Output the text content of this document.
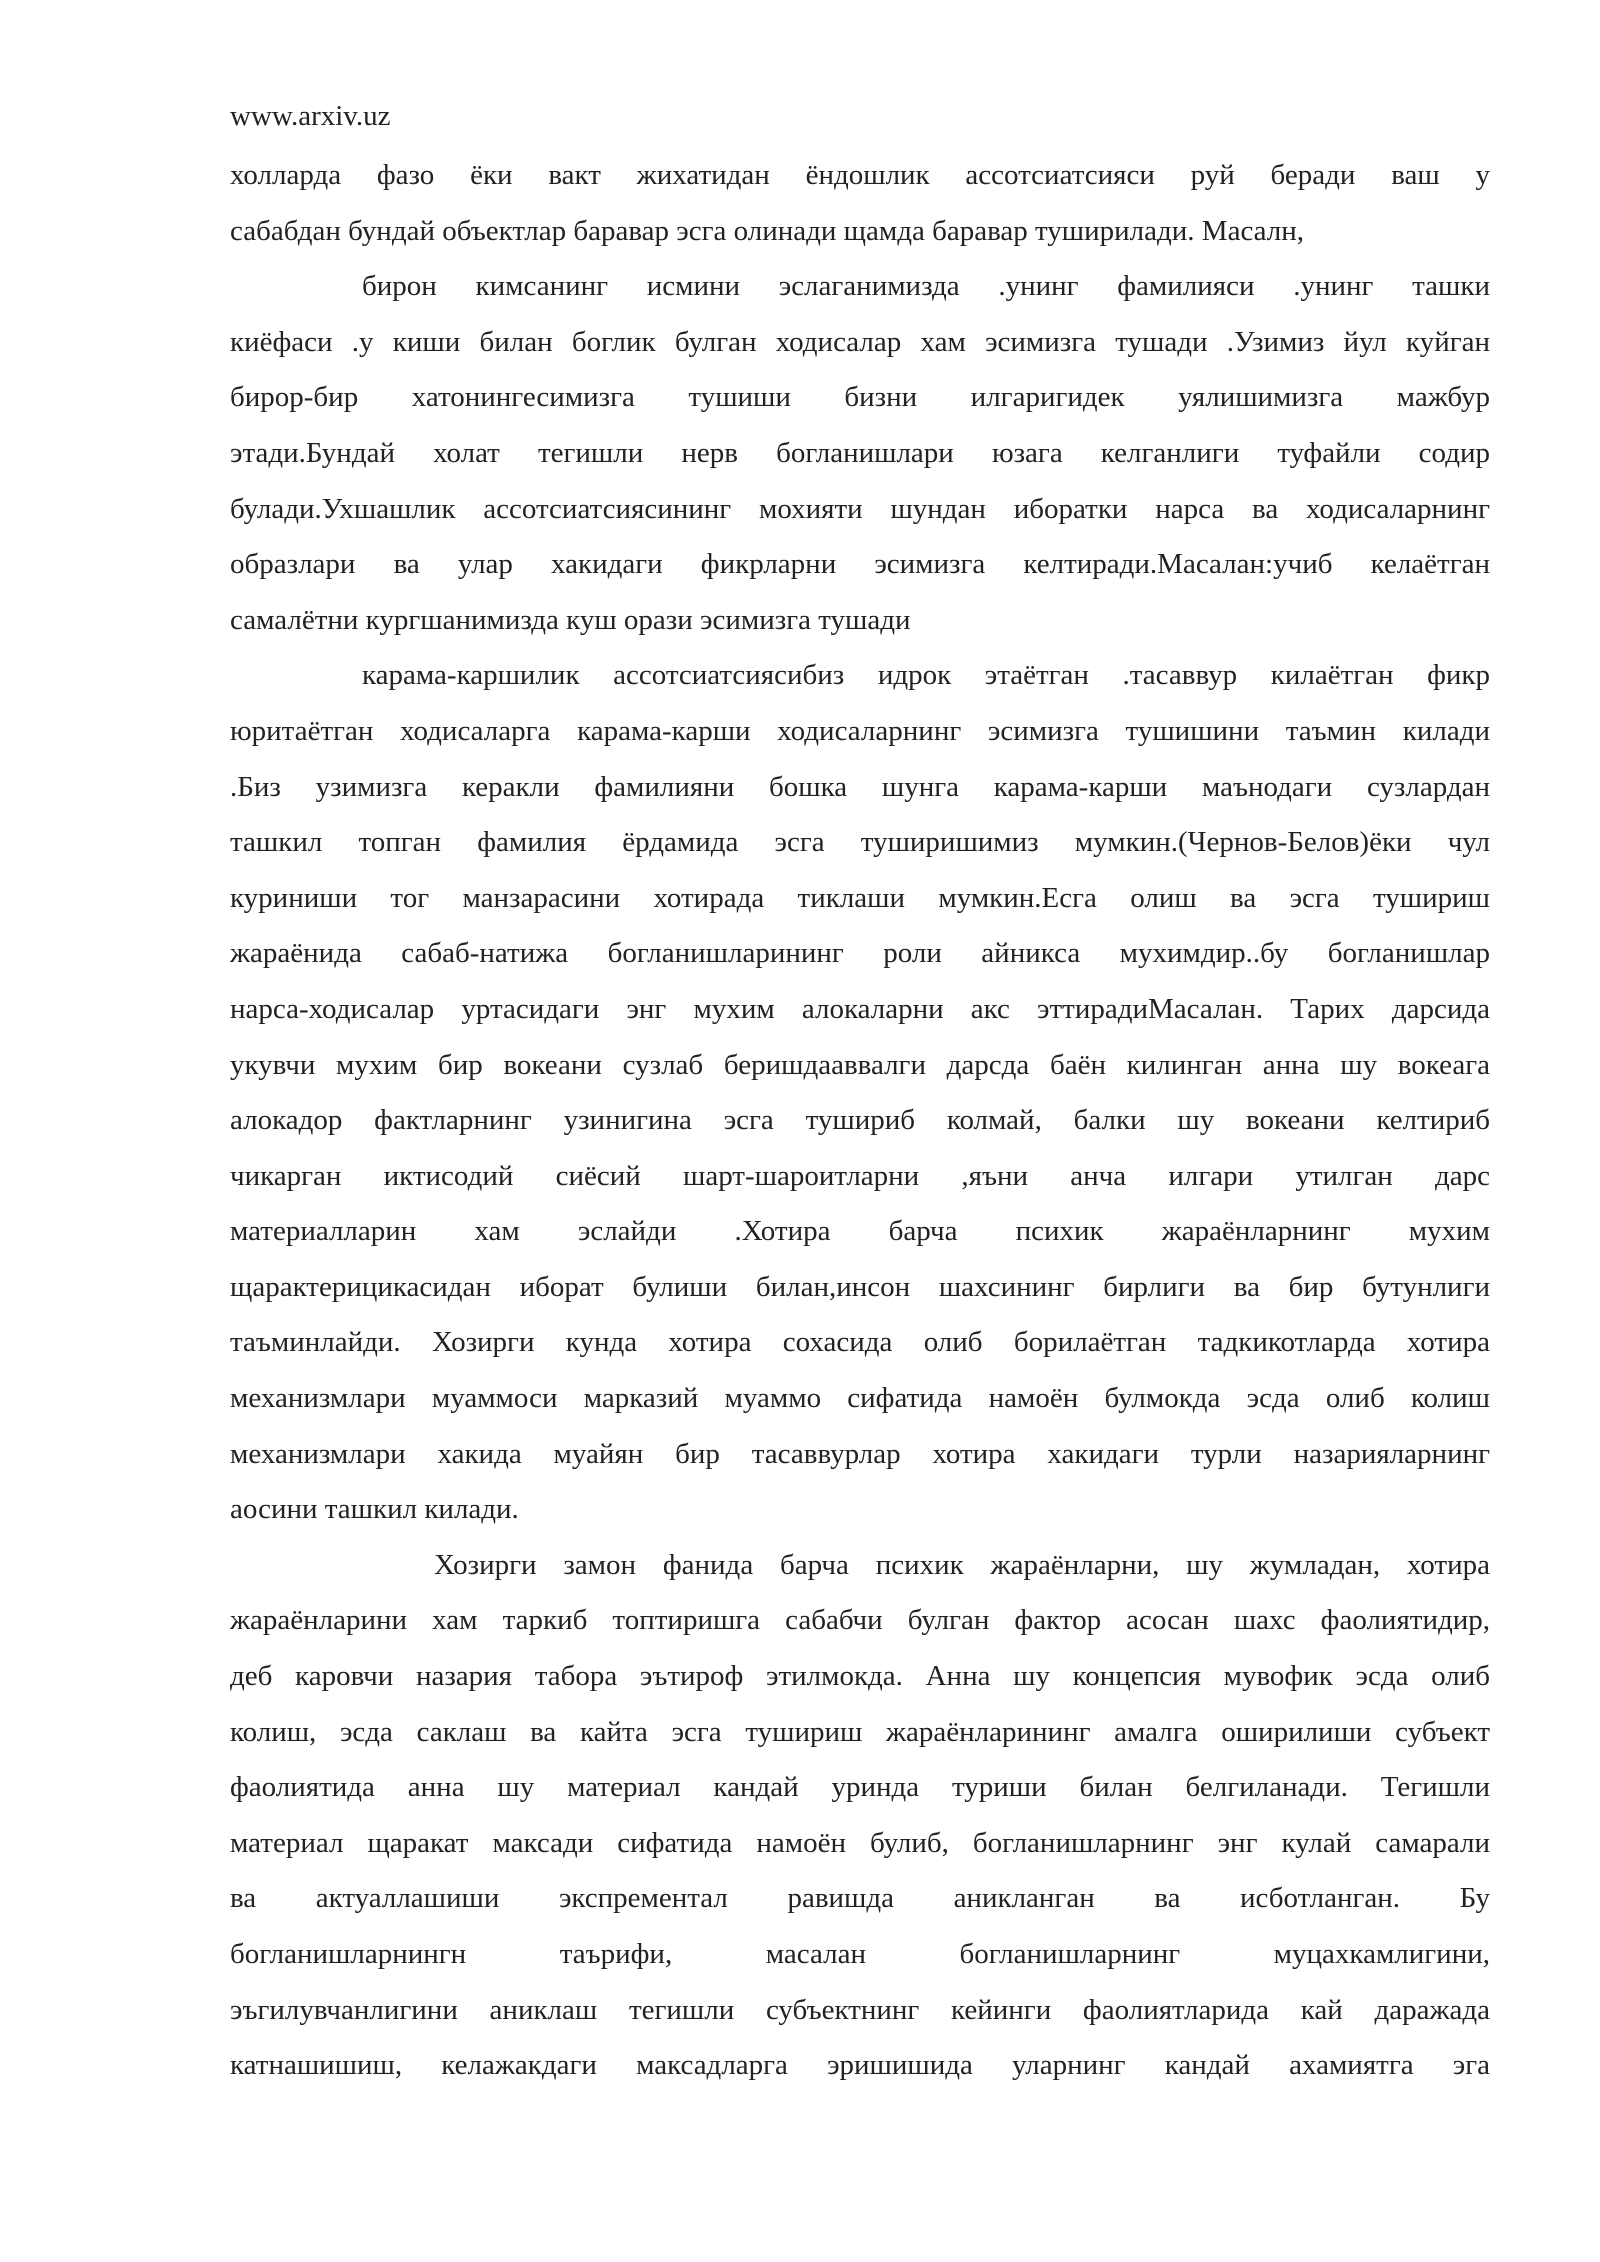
www.arxiv.uz
холларда фазо ёки вакт жихатидан ёндошлик ассотсиатсияси руй беради ваш у
сабабдан бундай объектлар баравар эсга олинади щамда баравар туширилади. Масалн,
бирон кимсанинг исмини эслаганимизда .унинг фамилияси .унинг ташки
киёфаси .у киши билан боглик булган ходисалар хам эсимизга тушади .Узимиз йул куйган
бирор-бир хатонингесимизга тушиши бизни илгаригидек уялишимизга мажбур
этади.Бундай холат тегишли нерв богланишлари юзага келганлиги туфайли содир
булади.Ухшашлик ассотсиатсиясининг мохияти шундан иборатки нарса ва ходисаларнинг
образлари ва улар хакидаги фикрларни эсимизга келтиради.Масалан:учиб келаётган
самалётни кургшанимизда куш орази эсимизга тушади
карама-каршилик ассотсиатсиясибиз идрок этаётган .тасаввур килаётган фикр
юритаётган ходисаларга карама-карши ходисаларнинг эсимизга тушишини таъмин килади
.Биз узимизга керакли фамилияни бошка шунга карама-карши маънодаги сузлардан
ташкил топган фамилия ёрдамида эсга туширишимиз мумкин.(Чернов-Белов)ёки чул
куриниши тог манзарасини хотирада тиклаши мумкин.Есга олиш ва эсга тушириш
жараёнида сабаб-натижа богланишларининг роли айникса мухимдир..бу богланишлар
нарса-ходисалар уртасидаги энг мухим алокаларни акс эттирадиМасалан. Тарих дарсида
укувчи мухим бир вокеани сузлаб беришдааввалги дарсда баён килинган анна шу вокеага
алокадор фактларнинг узинигина эсга тушириб колмай, балки шу вокеани келтириб
чикарган иктисодий сиёсий шарт-шароитларни ,яъни анча илгари утилган дарс
материалларин хам эслайди .Хотира барча психик жараёнларнинг мухим
щарактерицикасидан иборат булиши билан,инсон шахсининг бирлиги ва бир бутунлиги
таъминлайди. Хозирги кунда хотира сохасида олиб борилаётган тадкикотларда хотира
механизмлари муаммоси марказий муаммо сифатида намоён булмокда эсда олиб колиш
механизмлари хакида муайян бир тасаввурлар хотира хакидаги турли назарияларнинг
аосини ташкил килади.
Хозирги замон фанида барча психик жараёнларни, шу жумладан, хотира
жараёнларини хам таркиб топтиришга сабабчи булган фактор асосан шахс фаолиятидир,
деб каровчи назария табора эътироф этилмокда. Анна шу концепсия мувофик эсда олиб
колиш, эсда саклаш ва кайта эсга тушириш жараёнларининг амалга оширилиши субъект
фаолиятида анна шу материал кандай уринда туриши билан белгиланади. Тегишли
материал щаракат максади сифатида намоён булиб, богланишларнинг энг кулай самарали
ва актуаллашиши экспрементал равишда аникланган ва исботланган. Бу
богланишларнингн таърифи, масалан богланишларнинг муцахкамлигини,
эъгилувчанлигини аниклаш тегишли субъектнинг кейинги фаолиятларида кай даражада
катнашишиш, келажакдаги максадларга эришишида уларнинг кандай ахамиятга эга
